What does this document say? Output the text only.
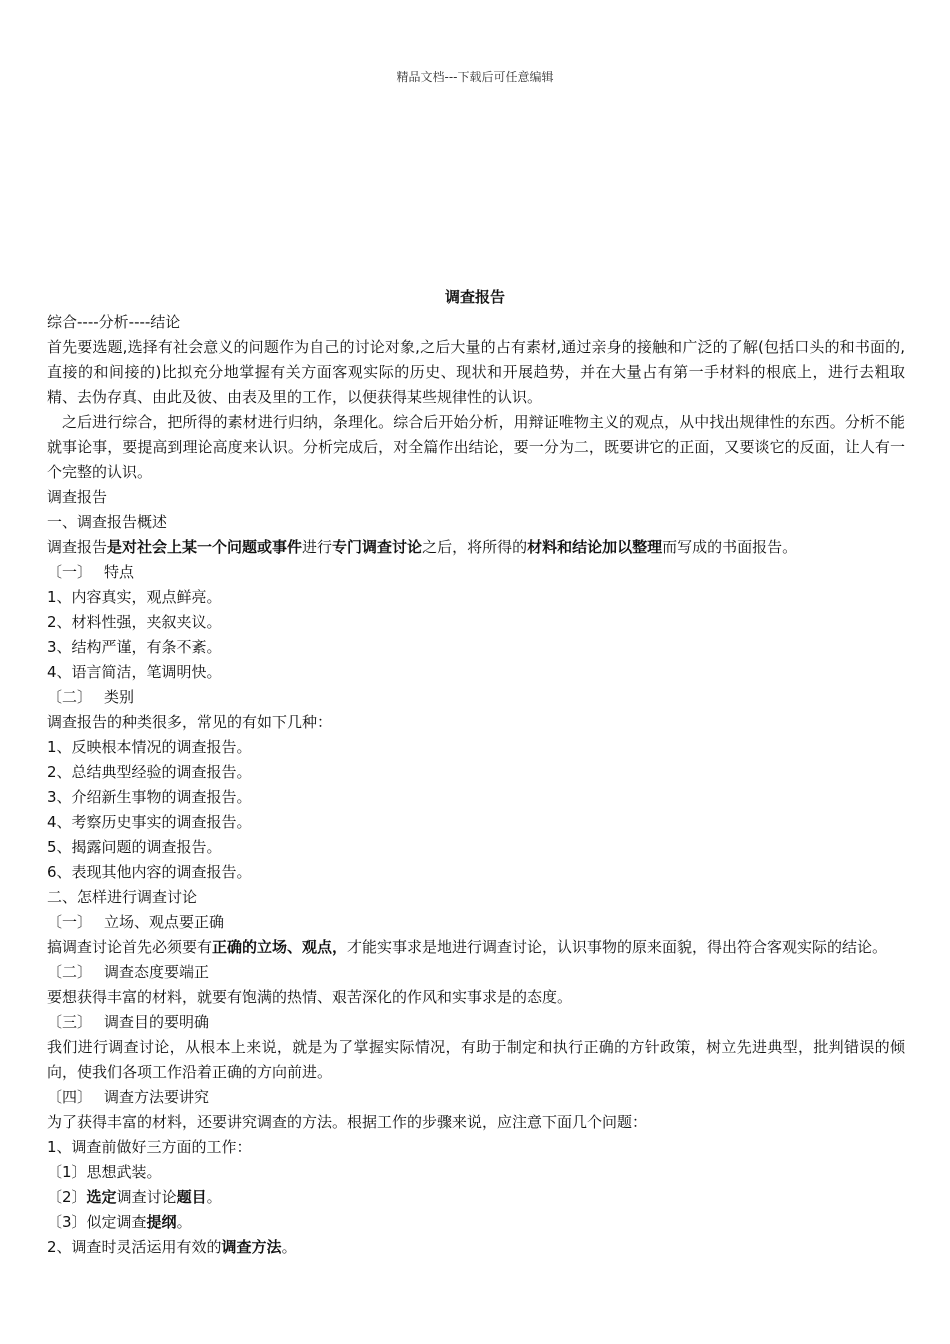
精品文档---下载后可任意编辑
调查报告

综合----分析----结论

首先要选题,选择有社会意义的问题作为自己的讨论对象,之后大量的占有素材,通过亲身的接触和广泛的了解(包括口头的和书面的,直接的和间接的)比拟充分地掌握有关方面客观实际的历史、现状和开展趋势，并在大量占有第一手材料的根底上，进行去粗取精、去伪存真、由此及彼、由表及里的工作，以便获得某些规律性的认识。

之后进行综合，把所得的素材进行归纳，条理化。综合后开始分析，用辩证唯物主义的观点，从中找出规律性的东西。分析不能就事论事，要提高到理论高度来认识。分析完成后，对全篇作出结论，要一分为二，既要讲它的正面，又要谈它的反面，让人有一个完整的认识。

调查报告

一、调查报告概述

调查报告是对社会上某一个问题或事件进行专门调查讨论之后，将所得的材料和结论加以整理而写成的书面报告。

〔一〕 特点

1、内容真实，观点鲜亮。

2、材料性强，夹叙夹议。

3、结构严谨，有条不紊。

4、语言简洁，笔调明快。

〔二〕 类别

调查报告的种类很多，常见的有如下几种：

1、反映根本情况的调查报告。

2、总结典型经验的调查报告。

3、介绍新生事物的调查报告。

4、考察历史事实的调查报告。

5、揭露问题的调查报告。

6、表现其他内容的调查报告。

二、怎样进行调查讨论

〔一〕 立场、观点要正确

搞调查讨论首先必须要有正确的立场、观点，才能实事求是地进行调查讨论，认识事物的原来面貌，得出符合客观实际的结论。

〔二〕 调查态度要端正

要想获得丰富的材料，就要有饱满的热情、艰苦深化的作风和实事求是的态度。

〔三〕 调查目的要明确

我们进行调查讨论，从根本上来说，就是为了掌握实际情况，有助于制定和执行正确的方针政策，树立先进典型，批判错误的倾向，使我们各项工作沿着正确的方向前进。

〔四〕 调查方法要讲究

为了获得丰富的材料，还要讲究调查的方法。根据工作的步骤来说，应注意下面几个问题：

1、调查前做好三方面的工作：

〔1〕思想武装。

〔2〕选定调查讨论题目。

〔3〕似定调查提纲。

2、调查时灵活运用有效的调查方法。
